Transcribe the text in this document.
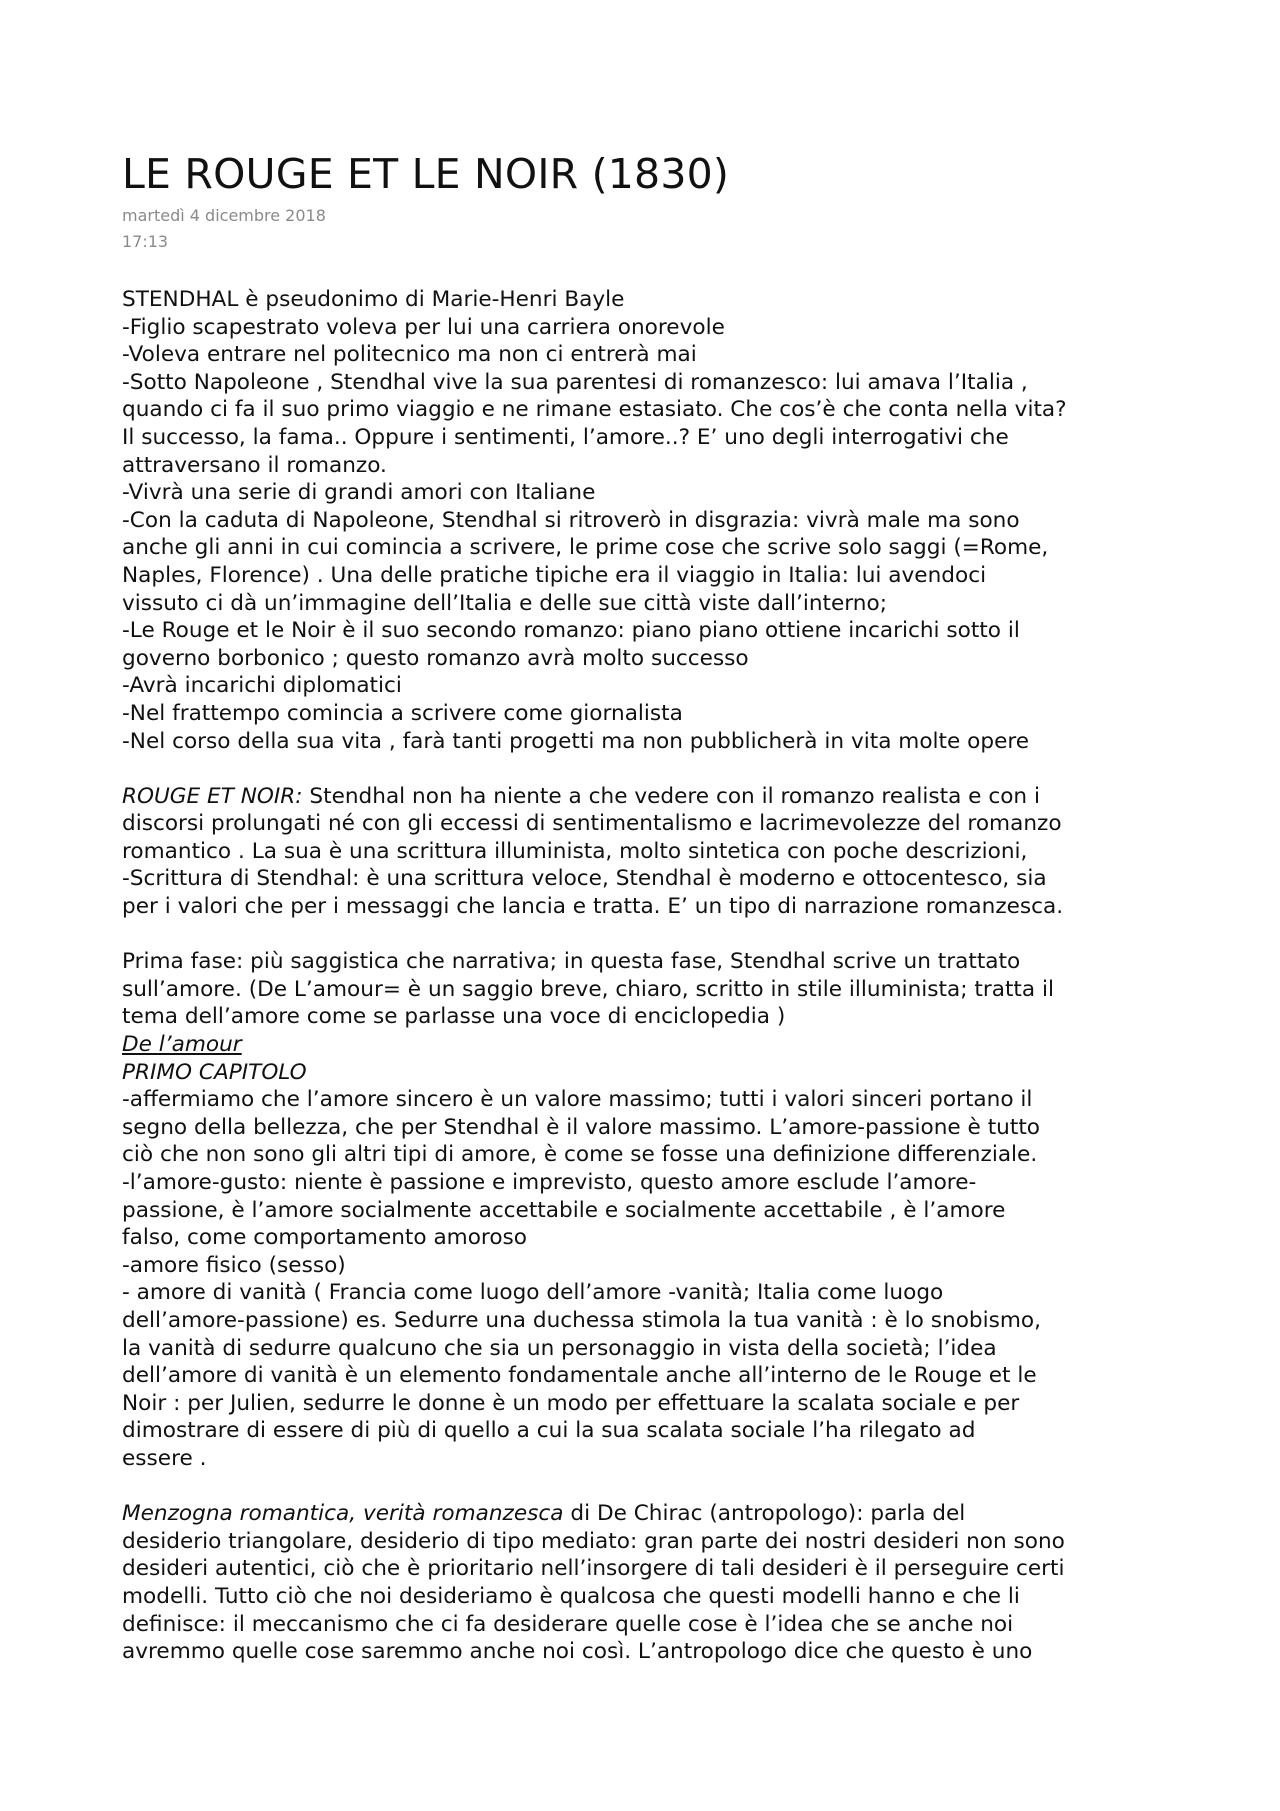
LE ROUGE ET LE NOIR (1830)
martedì 4 dicembre 2018
17:13
STENDHAL è pseudonimo di Marie-Henri Bayle
-Figlio scapestrato voleva per lui una carriera onorevole
-Voleva entrare nel politecnico ma non ci entrerà mai
-Sotto Napoleone , Stendhal vive la sua parentesi di romanzesco: lui amava l’Italia ,
quando ci fa il suo primo viaggio e ne rimane estasiato. Che cos’è che conta nella vita?
Il successo, la fama.. Oppure i sentimenti, l’amore..? E’ uno degli interrogativi che
attraversano il romanzo.
-Vivrà una serie di grandi amori con Italiane
-Con la caduta di Napoleone, Stendhal si ritroverò in disgrazia: vivrà male ma sono
anche gli anni in cui comincia a scrivere, le prime cose che scrive solo saggi (=Rome,
Naples, Florence) . Una delle pratiche tipiche era il viaggio in Italia: lui avendoci
vissuto ci dà un’immagine dell’Italia e delle sue città viste dall’interno;
-Le Rouge et le Noir è il suo secondo romanzo: piano piano ottiene incarichi sotto il
governo borbonico ; questo romanzo avrà molto successo
-Avrà incarichi diplomatici
-Nel frattempo comincia a scrivere come giornalista
-Nel corso della sua vita , farà tanti progetti ma non pubblicherà in vita molte opere
ROUGE ET NOIR: Stendhal non ha niente a che vedere con il romanzo realista e con i
discorsi prolungati né con gli eccessi di sentimentalismo e lacrimevolezze del romanzo
romantico . La sua è una scrittura illuminista, molto sintetica con poche descrizioni,
-Scrittura di Stendhal: è una scrittura veloce, Stendhal è moderno e ottocentesco, sia
per i valori che per i messaggi che lancia e tratta. E’ un tipo di narrazione romanzesca.
Prima fase: più saggistica che narrativa; in questa fase, Stendhal scrive un trattato
sull’amore. (De L’amour= è un saggio breve, chiaro, scritto in stile illuminista; tratta il
tema dell’amore come se parlasse una voce di enciclopedia )
De l’amour
PRIMO CAPITOLO
-affermiamo che l’amore sincero è un valore massimo; tutti i valori sinceri portano il
segno della bellezza, che per Stendhal è il valore massimo. L’amore-passione è tutto
ciò che non sono gli altri tipi di amore, è come se fosse una definizione differenziale.
-l’amore-gusto: niente è passione e imprevisto, questo amore esclude l’amore-
passione, è l’amore socialmente accettabile e socialmente accettabile , è l’amore
falso, come comportamento amoroso
-amore fisico (sesso)
- amore di vanità ( Francia come luogo dell’amore -vanità; Italia come luogo
dell’amore-passione) es. Sedurre una duchessa stimola la tua vanità : è lo snobismo,
la vanità di sedurre qualcuno che sia un personaggio in vista della società; l’idea
dell’amore di vanità è un elemento fondamentale anche all’interno de le Rouge et le
Noir : per Julien, sedurre le donne è un modo per effettuare la scalata sociale e per
dimostrare di essere di più di quello a cui la sua scalata sociale l’ha rilegato ad
essere .
Menzogna romantica, verità romanzesca di De Chirac (antropologo): parla del
desiderio triangolare, desiderio di tipo mediato: gran parte dei nostri desideri non sono
desideri autentici, ciò che è prioritario nell’insorgere di tali desideri è il perseguire certi
modelli. Tutto ciò che noi desideriamo è qualcosa che questi modelli hanno e che li
definisce: il meccanismo che ci fa desiderare quelle cose è l’idea che se anche noi
avremmo quelle cose saremmo anche noi così. L’antropologo dice che questo è uno
